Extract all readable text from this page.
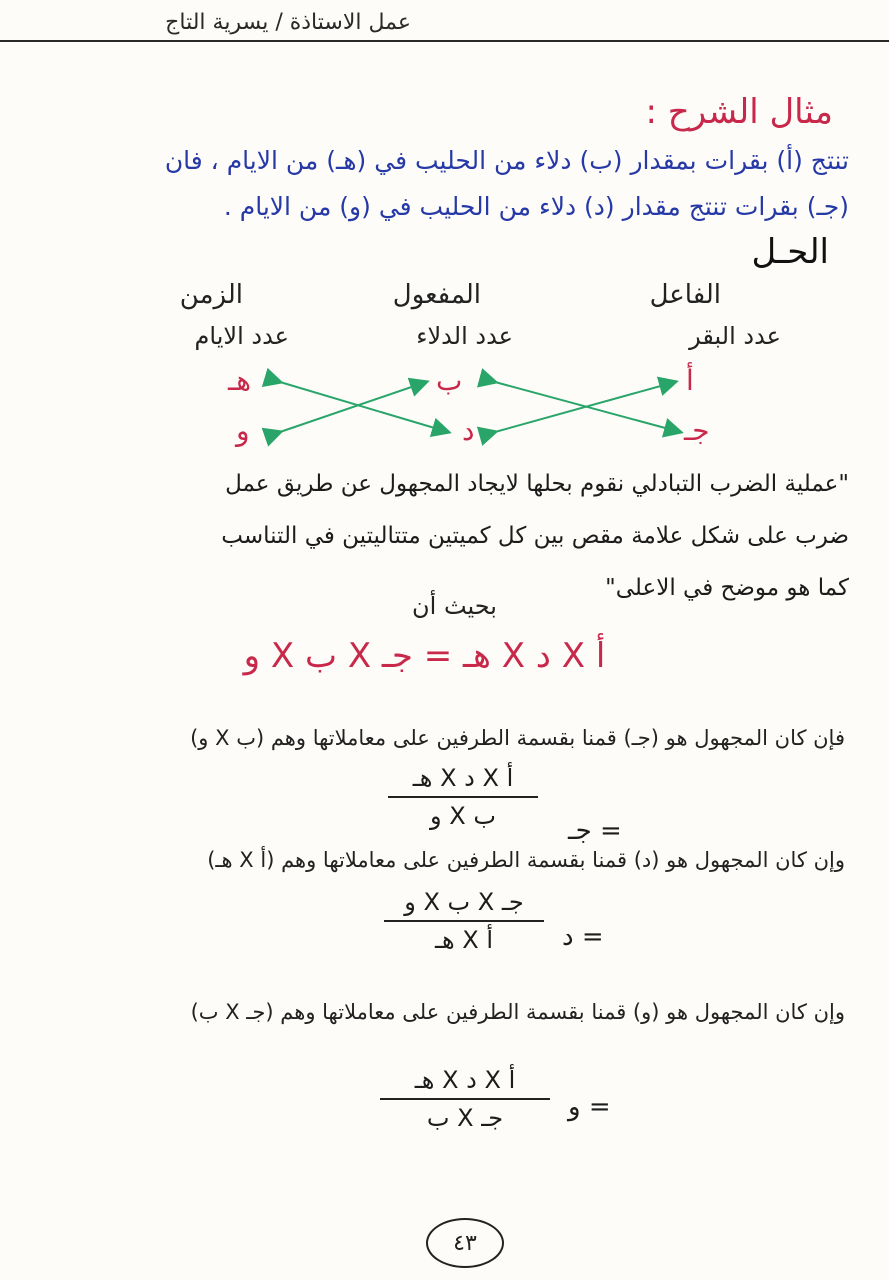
عمل الاستاذة / يسرية التاج
مثال الشرح :
تنتج (أ) بقرات بمقدار (ب) دلاء من الحليب في (هـ) من الايام ، فان
(جـ) بقرات تنتج مقدار (د) دلاء من الحليب في (و) من الايام .
الحـل
الفاعل
عدد البقر
المفعول
عدد الدلاء
الزمن
عدد الايام
أ
جـ
ب
د
هـ
و
"عملية الضرب التبادلي نقوم بحلها لايجاد المجهول عن طريق عمل
ضرب على شكل علامة مقص بين كل كميتين متتاليتين في التناسب
كما هو موضح في الاعلى"
بحيث أن
أ X د X هـ = جـ X ب X و
فإن كان المجهول هو (جـ) قمنا بقسمة الطرفين على معاملاتها وهم (ب X و)
أ X د X هـ
ب X و	= جـ
وإن كان المجهول هو (د) قمنا بقسمة الطرفين على معاملاتها وهم (أ X هـ)
جـ X ب X و
أ X هـ	= د
وإن كان المجهول هو (و) قمنا بقسمة الطرفين على معاملاتها وهم (جـ X ب)
أ X د X هـ
جـ X ب = و
٤٣
